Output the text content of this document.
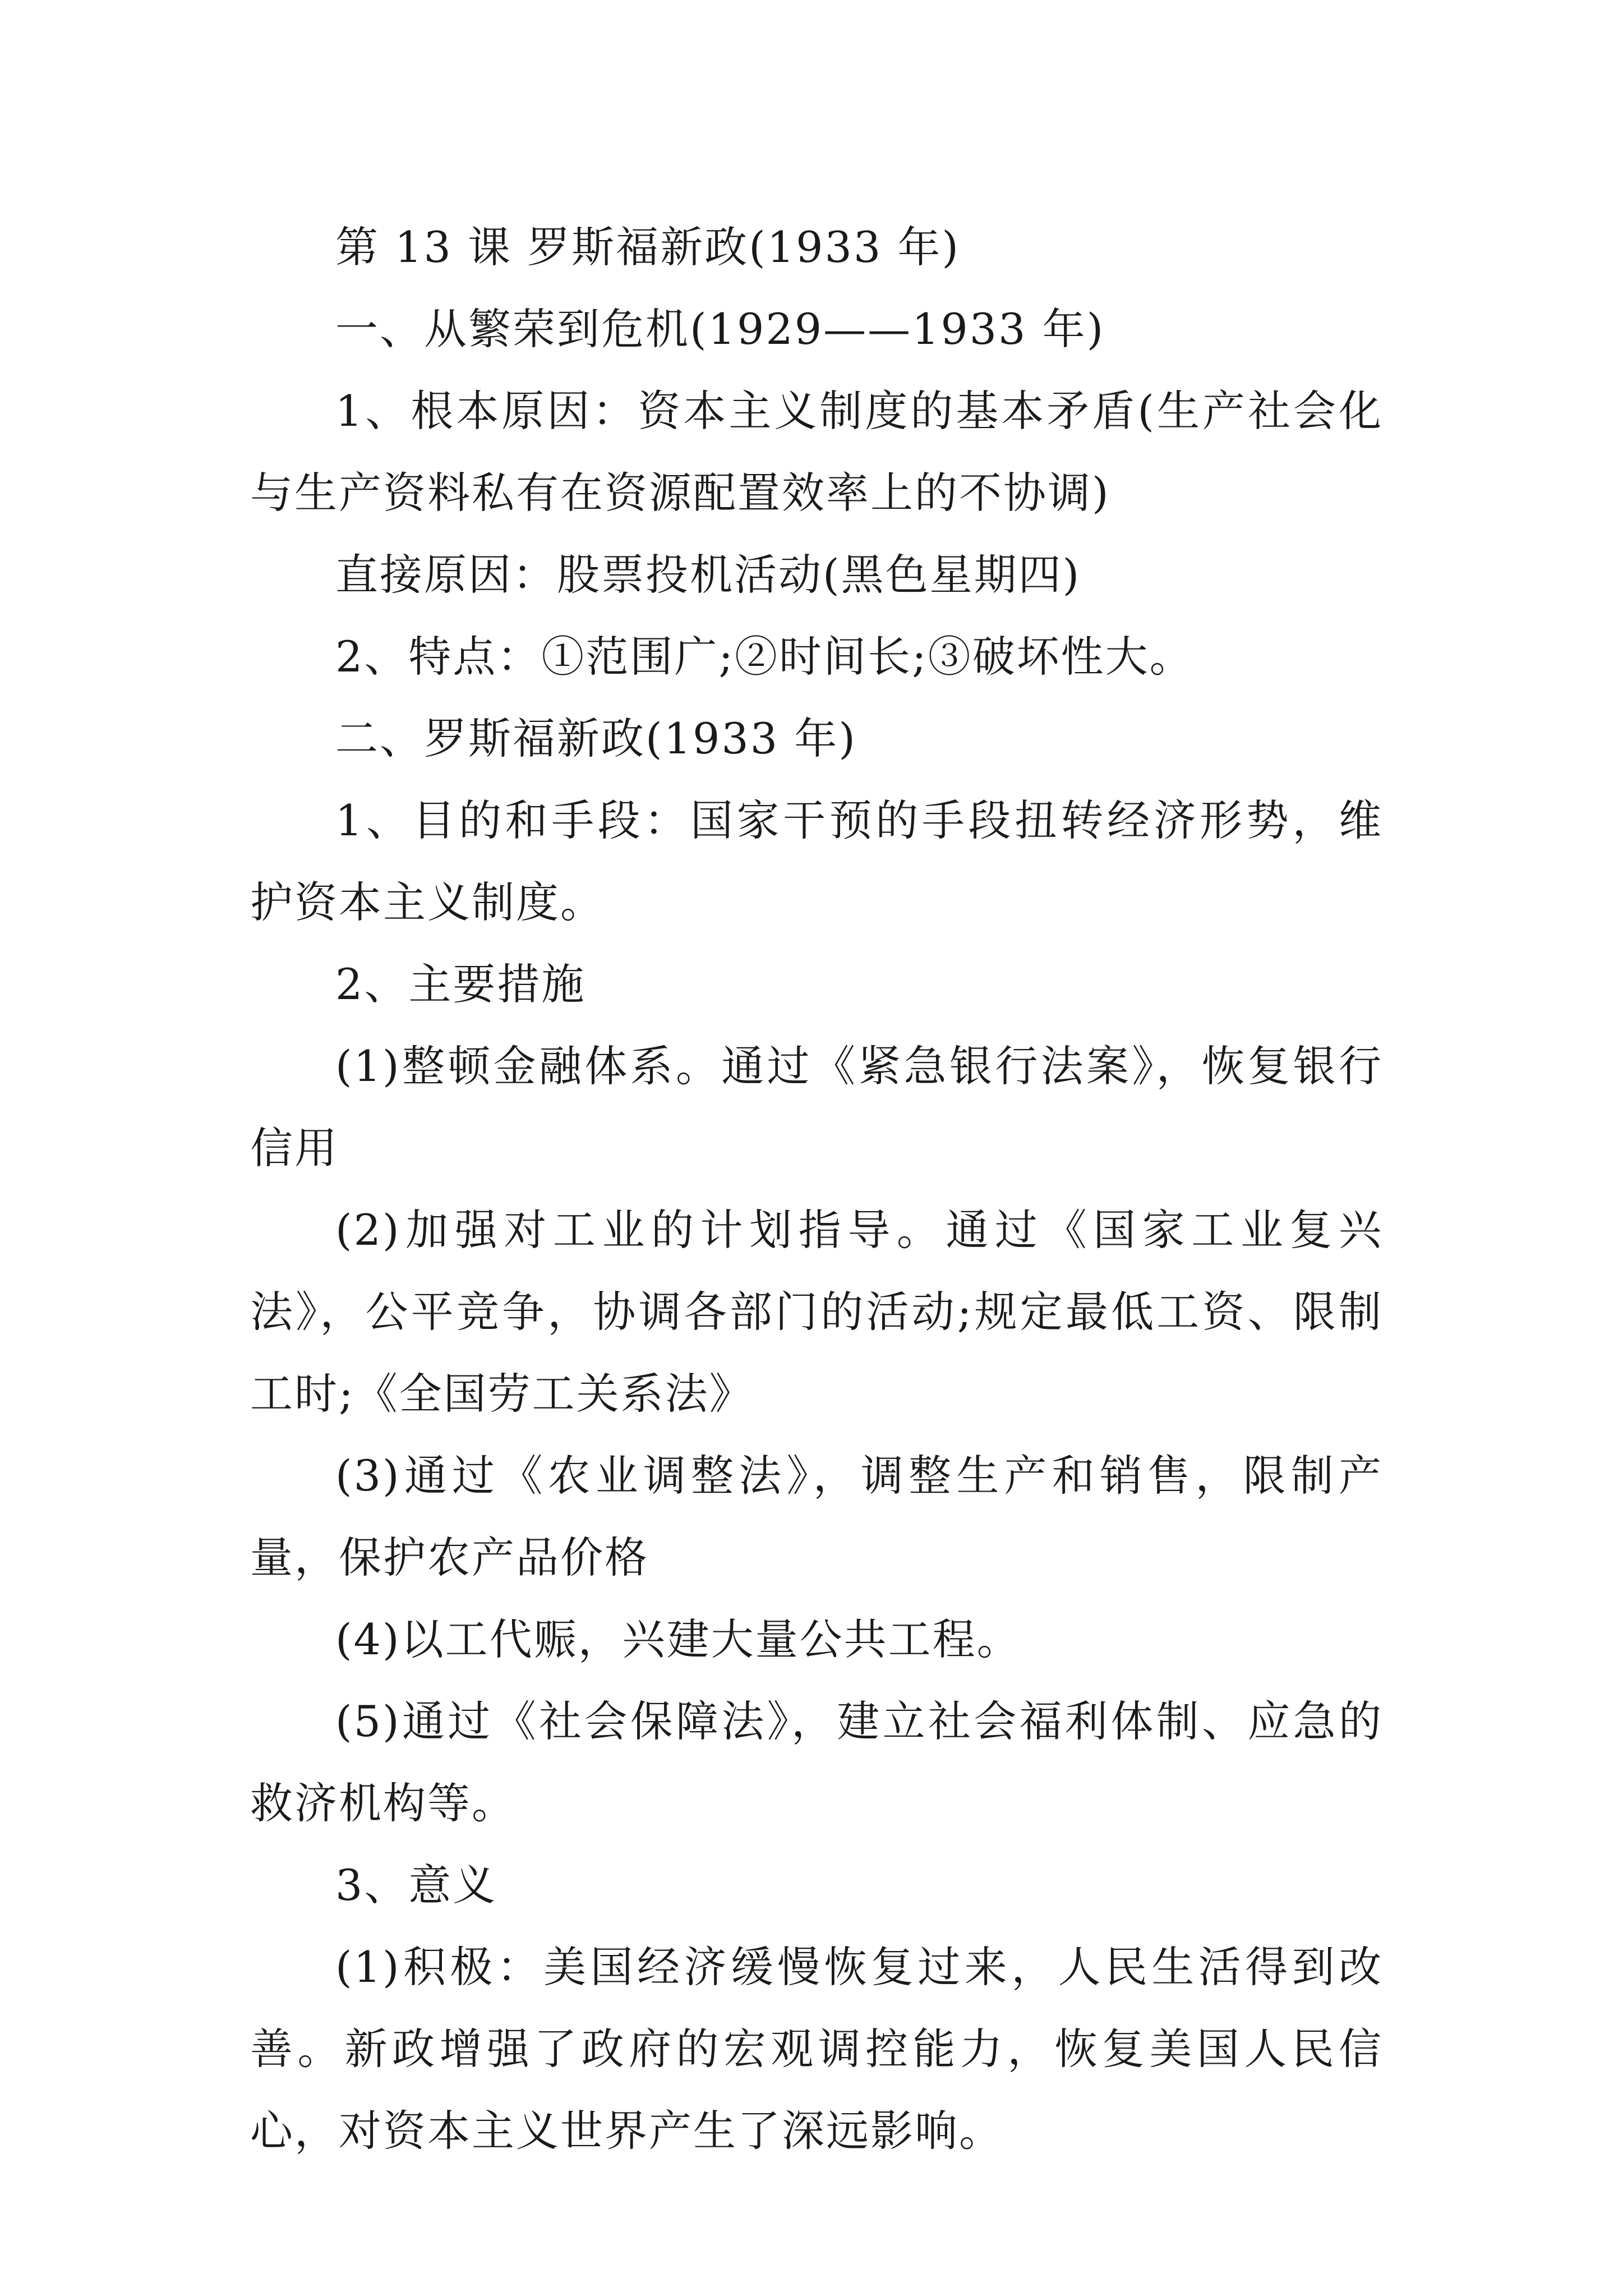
第 13 课 罗斯福新政(1933 年)

一、从繁荣到危机(1929——1933 年)

1、根本原因：资本主义制度的基本矛盾(生产社会化与生产资料私有在资源配置效率上的不协调)

直接原因：股票投机活动(黑色星期四)

2、特点：①范围广;②时间长;③破坏性大。

二、罗斯福新政(1933 年)

1、目的和手段：国家干预的手段扭转经济形势，维护资本主义制度。

2、主要措施

(1)整顿金融体系。通过《紧急银行法案》，恢复银行信用

(2)加强对工业的计划指导。通过《国家工业复兴法》，公平竞争，协调各部门的活动;规定最低工资、限制工时;《全国劳工关系法》

(3)通过《农业调整法》，调整生产和销售，限制产量，保护农产品价格

(4)以工代赈，兴建大量公共工程。

(5)通过《社会保障法》，建立社会福利体制、应急的救济机构等。

3、意义

(1)积极：美国经济缓慢恢复过来，人民生活得到改善。新政增强了政府的宏观调控能力，恢复美国人民信心，对资本主义世界产生了深远影响。
